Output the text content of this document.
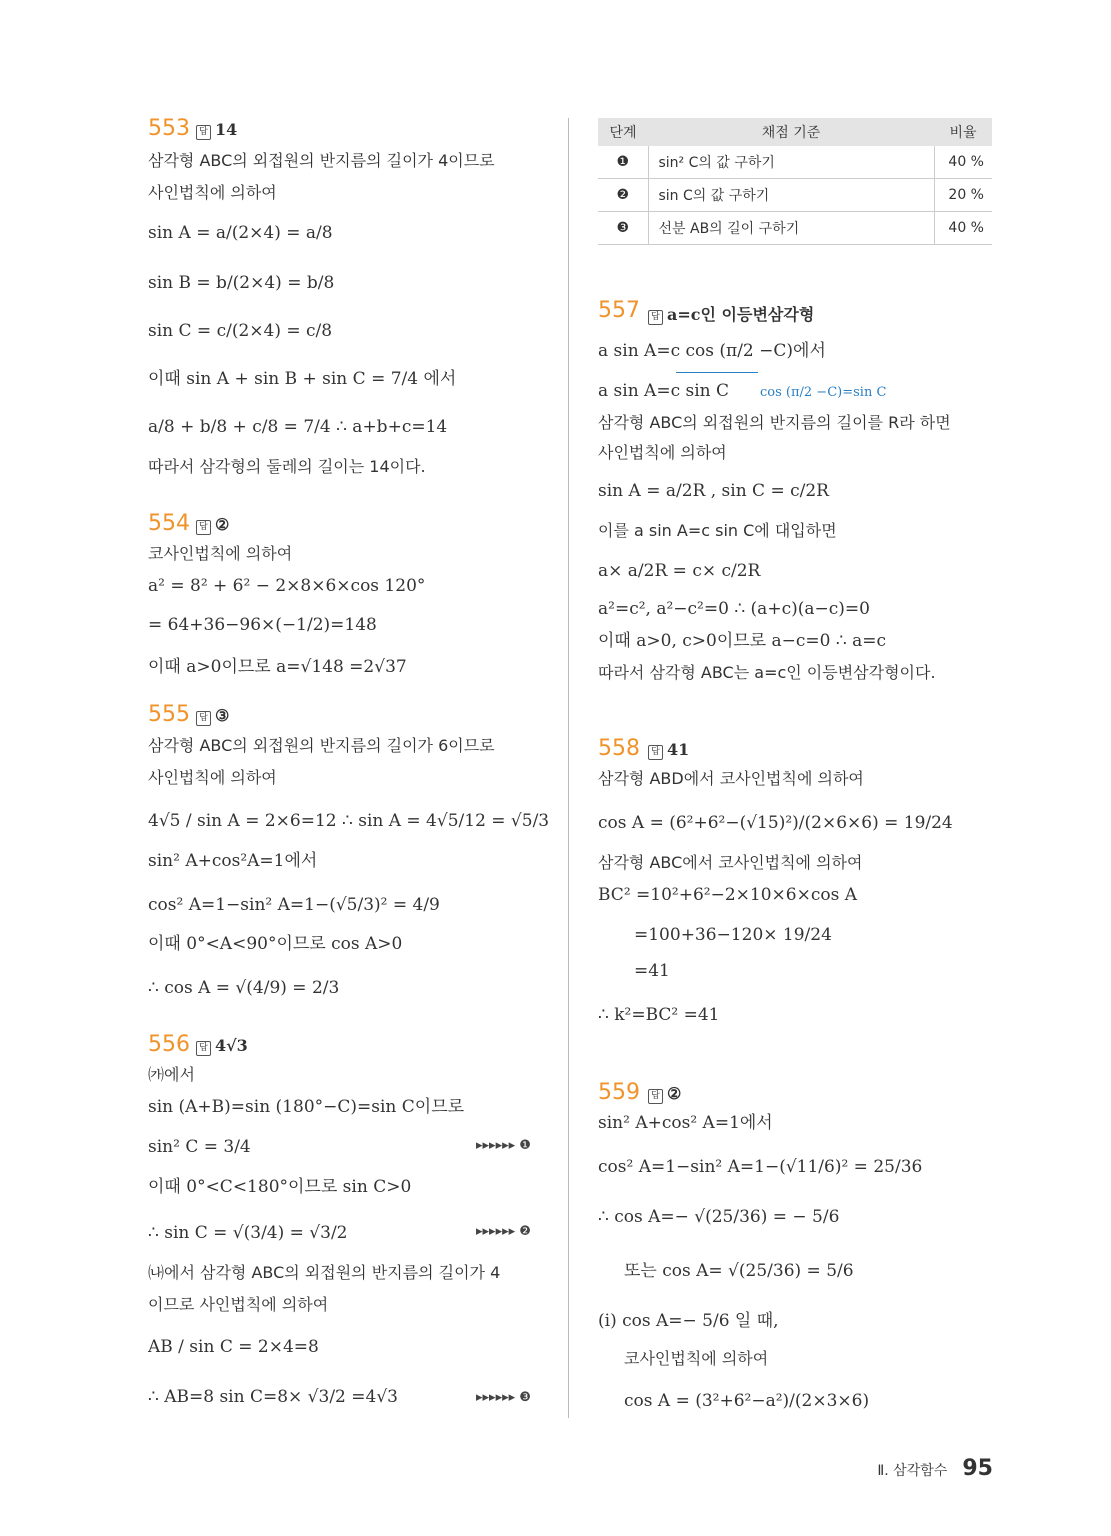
553	답 14
삼각형 ABC의 외접원의 반지름의 길이가 4이므로
사인법칙에 의하여
sin A = a/(2×4) = a/8
sin B = b/(2×4) = b/8
sin C = c/(2×4) = c/8
이때 sin A + sin B + sin C = 7/4 에서
a/8 + b/8 + c/8 = 7/4 ∴ a+b+c=14
따라서 삼각형의 둘레의 길이는 14이다.
554	답 ②
코사인법칙에 의하여
a² = 8² + 6² − 2×8×6×cos 120°
= 64+36−96×(−1/2)=148
이때 a>0이므로 a=√148 =2√37
555	답 ③
삼각형 ABC의 외접원의 반지름의 길이가 6이므로
사인법칙에 의하여
4√5 / sin A = 2×6=12 ∴ sin A = 4√5/12 = √5/3
sin² A+cos²A=1에서
cos² A=1−sin² A=1−(√5/3)² = 4/9
이때 0°<A<90°이므로 cos A>0
∴ cos A = √(4/9) = 2/3
556	답 4√3
㈎에서
sin (A+B)=sin (180°−C)=sin C이므로
sin² C = 3/4	▸▸▸▸▸▸ ❶
이때 0°<C<180°이므로 sin C>0
∴ sin C = √(3/4) = √3/2	▸▸▸▸▸▸ ❷
㈏에서 삼각형 ABC의 외접원의 반지름의 길이가 4
이므로 사인법칙에 의하여
AB / sin C = 2×4=8
∴ AB=8 sin C=8× √3/2 =4√3	▸▸▸▸▸▸ ❸
단계	채점 기준	비율
❶	sin² C의 값 구하기	40 %
❷	sin C의 값 구하기	20 %
❸	선분 AB의 길이 구하기	40 %
557	답 a=c인 이등변삼각형
a sin A=c cos (π/2 −C)에서
a sin A=c sin C cos (π/2 −C)=sin C
삼각형 ABC의 외접원의 반지름의 길이를 R라 하면
사인법칙에 의하여
sin A = a/2R , sin C = c/2R
이를 a sin A=c sin C에 대입하면
a× a/2R = c× c/2R
a²=c², a²−c²=0 ∴ (a+c)(a−c)=0
이때 a>0, c>0이므로 a−c=0 ∴ a=c
따라서 삼각형 ABC는 a=c인 이등변삼각형이다.
558	답 41
삼각형 ABD에서 코사인법칙에 의하여
cos A = (6²+6²−(√15)²)/(2×6×6) = 19/24
삼각형 ABC에서 코사인법칙에 의하여
BC² =10²+6²−2×10×6×cos A
=100+36−120× 19/24
=41
∴ k²=BC² =41
559	답 ②
sin² A+cos² A=1에서
cos² A=1−sin² A=1−(√11/6)² = 25/36
∴ cos A=− √(25/36) = − 5/6
또는 cos A= √(25/36) = 5/6
(ⅰ) cos A=− 5/6 일 때,
코사인법칙에 의하여
cos A = (3²+6²−a²)/(2×3×6)
Ⅱ. 삼각함수 95
